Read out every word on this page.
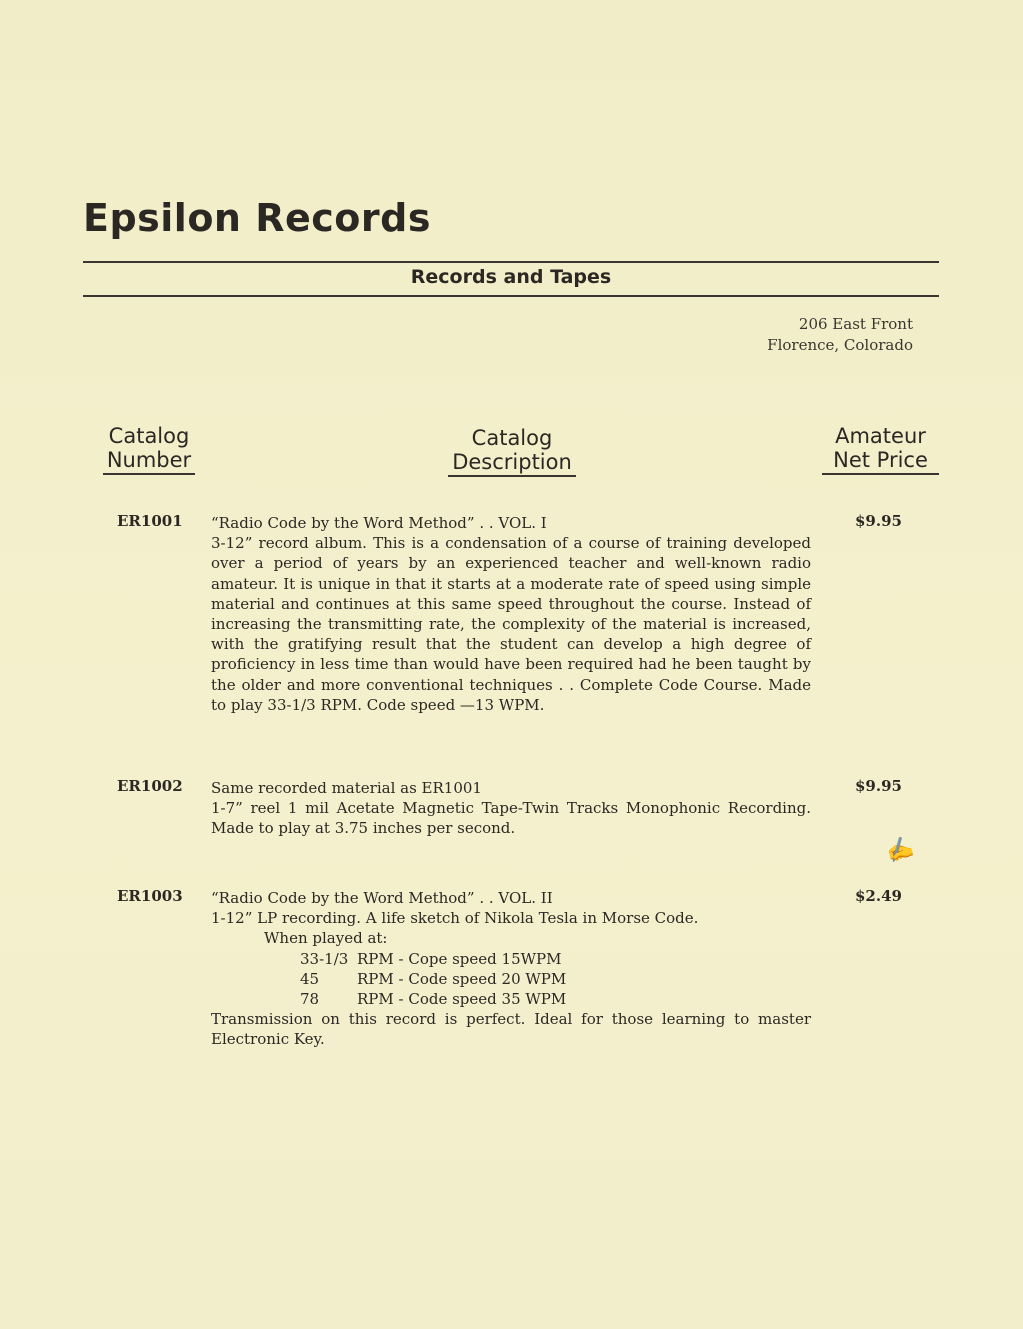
Epsilon Records
Records and Tapes
206 East Front
Florence, Colorado
Catalog
Number
Catalog
Description
Amateur
Net Price
ER1001 “Radio Code by the Word Method” . . VOL. I

3-12” record album. This is a condensation of a course of training developed over a period of years by an experienced teacher and well-known radio amateur. It is unique in that it starts at a moderate rate of speed using simple material and continues at this same speed throughout the course. Instead of increasing the transmitting rate, the complexity of the material is increased, with the gratifying result that the student can develop a high degree of proficiency in less time than would have been required had he been taught by the older and more conventional techniques . . Complete Code Course. Made to play 33-1/3 RPM. Code speed —13 WPM.

$9.95
ER1002 Same recorded material as ER1001

1-7” reel 1 mil Acetate Magnetic Tape-Twin Tracks Monophonic Recording. Made to play at 3.75 inches per second.

$9.95
✍
ER1003 “Radio Code by the Word Method” . . VOL. II
1-12” LP recording. A life sketch of Nikola Tesla in Morse Code.
When played at:
33-1/3 RPM - Cope speed 15WPM
45	RPM - Code speed 20 WPM
78	RPM - Code speed 35 WPM

Transmission on this record is perfect. Ideal for those learning to master Electronic Key.

$2.49
